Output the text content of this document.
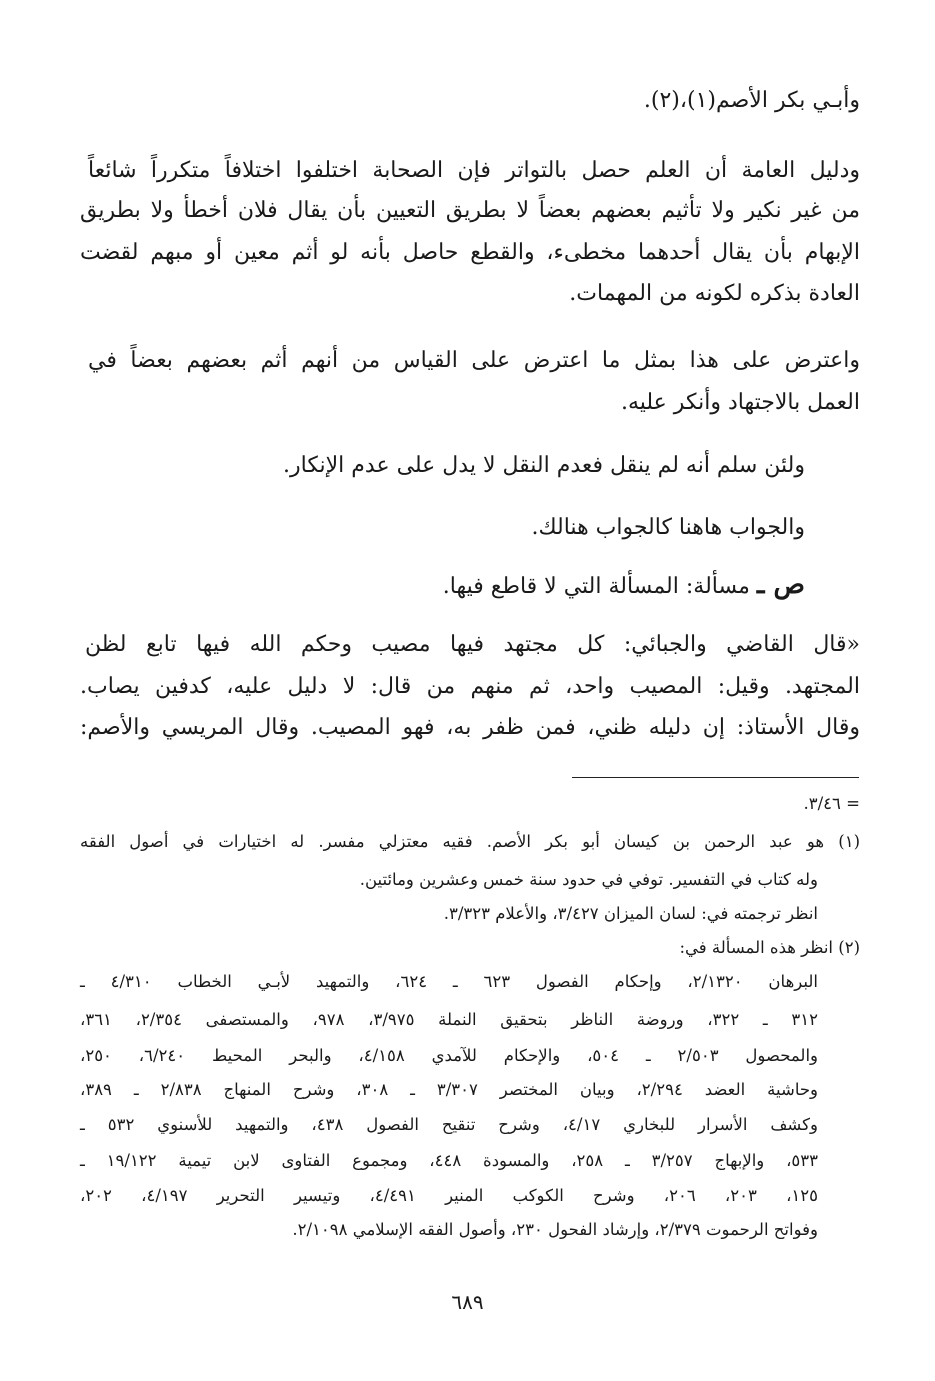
وأبـي بكر الأصم(١)،(٢).
ودليل العامة أن العلم حصل بالتواتر فإن الصحابة اختلفوا اختلافاً متكرراً شائعاً
من غير نكير ولا تأثيم بعضهم بعضاً لا بطريق التعيين بأن يقال فلان أخطأ ولا بطريق
الإبهام بأن يقال أحدهما مخطىء، والقطع حاصل بأنه لو أثم معين أو مبهم لقضت
العادة بذكره لكونه من المهمات.
واعترض على هذا بمثل ما اعترض على القياس من أنهم أثم بعضهم بعضاً في
العمل بالاجتهاد وأنكر عليه.
ولئن سلم أنه لم ينقل فعدم النقل لا يدل على عدم الإنكار.
والجواب هاهنا كالجواب هنالك.
ص ـ مسألة: المسألة التي لا قاطع فيها.
«قال القاضي والجبائي: كل مجتهد فيها مصيب وحكم الله فيها تابع لظن
المجتهد. وقيل: المصيب واحد، ثم منهم من قال: لا دليل عليه، كدفين يصاب.
وقال الأستاذ: إن دليله ظني، فمن ظفر به، فهو المصيب. وقال المريسي والأصم:
= ٣/٤٦.
(١) هو عبد الرحمن بن كيسان أبو بكر الأصم. فقيه معتزلي مفسر. له اختيارات في أصول الفقه
وله كتاب في التفسير. توفي في حدود سنة خمس وعشرين ومائتين.
انظر ترجمته في: لسان الميزان ٣/٤٢٧، والأعلام ٣/٣٢٣.
(٢) انظر هذه المسألة في:
البرهان ٢/١٣٢٠، وإحكام الفصول ٦٢٣ ـ ٦٢٤، والتمهيد لأبـي الخطاب ٤/٣١٠ ـ
٣١٢ ـ ٣٢٢، وروضة الناظر بتحقيق النملة ٣/٩٧٥، ٩٧٨، والمستصفى ٢/٣٥٤، ٣٦١،
والمحصول ٢/٥٠٣ ـ ٥٠٤، والإحكام للآمدي ٤/١٥٨، والبحر المحيط ٦/٢٤٠، ٢٥٠،
وحاشية العضد ٢/٢٩٤، وبيان المختصر ٣/٣٠٧ ـ ٣٠٨، وشرح المنهاج ٢/٨٣٨ ـ ٣٨٩،
وكشف الأسرار للبخاري ٤/١٧، وشرح تنقيح الفصول ٤٣٨، والتمهيد للأسنوي ٥٣٢ ـ
٥٣٣، والإبهاج ٣/٢٥٧ ـ ٢٥٨، والمسودة ٤٤٨، ومجموع الفتاوى لابن تيمية ١٩/١٢٢ ـ
١٢٥، ٢٠٣، ٢٠٦، وشرح الكوكب المنير ٤/٤٩١، وتيسير التحرير ٤/١٩٧، ٢٠٢،
وفواتح الرحموت ٢/٣٧٩، وإرشاد الفحول ٢٣٠، وأصول الفقه الإسلامي ٢/١٠٩٨.
٦٨٩
